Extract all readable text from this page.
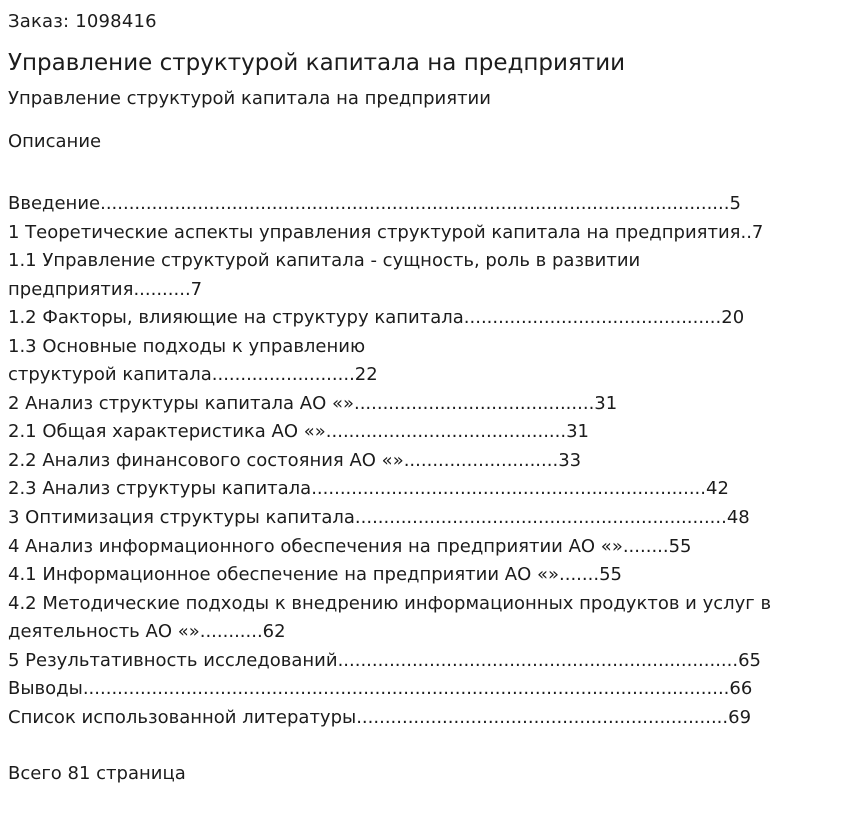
Заказ: 1098416
Управление структурой капитала на предприятии
Управление структурой капитала на предприятии
Описание
Введение..............................................................................................................5
1 Теоретические аспекты управления структурой капитала на предприятия..7
1.1 Управление структурой капитала - сущность, роль в развитии
предприятия..........7
1.2 Факторы, влияющие на структуру капитала.............................................20
1.3 Основные подходы к управлению
структурой капитала.........................22
2 Анализ структуры капитала АО «»..........................................31
2.1 Общая характеристика АО «»..........................................31
2.2 Анализ финансового состояния АО «»...........................33
2.3 Анализ структуры капитала.....................................................................42
3 Оптимизация структуры капитала.................................................................48
4 Анализ информационного обеспечения на предприятии АО «»........55
4.1 Информационное обеспечение на предприятии АО «».......55
4.2 Методические подходы к внедрению информационных продуктов и услуг в
деятельность АО «»...........62
5 Результативность исследований......................................................................65
Выводы.................................................................................................................66
Список использованной литературы.................................................................69
Всего 81 страница
